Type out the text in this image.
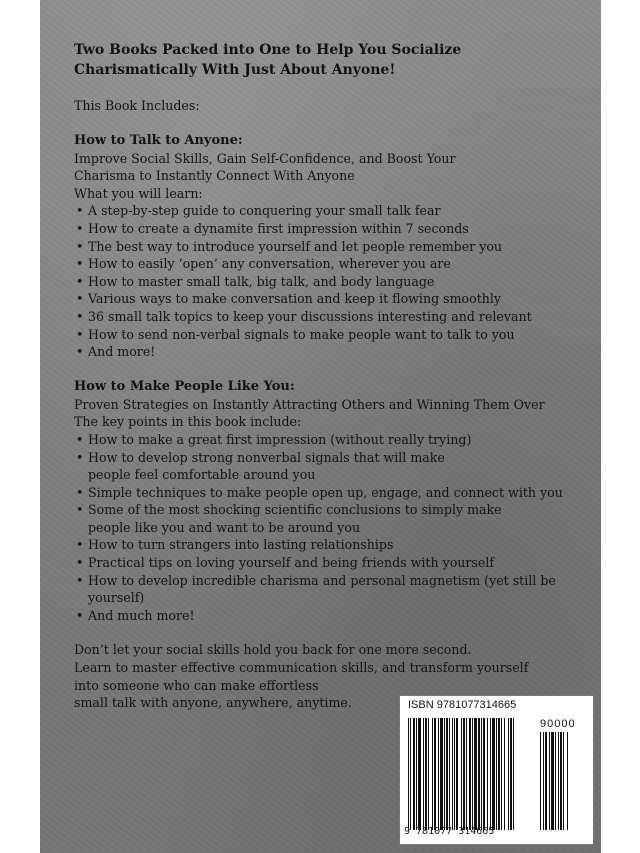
Two Books Packed into One to Help You Socialize Charismatically With Just About Anyone!

This Book Includes:

How to Talk to Anyone:

Improve Social Skills, Gain Self-Confidence, and Boost Your Charisma to Instantly Connect With Anyone

What you will learn:

• A step-by-step guide to conquering your small talk fear
• How to create a dynamite first impression within 7 seconds
• The best way to introduce yourself and let people remember you
• How to easily ‘open’ any conversation, wherever you are
• How to master small talk, big talk, and body language
• Various ways to make conversation and keep it flowing smoothly
• 36 small talk topics to keep your discussions interesting and relevant
• How to send non-verbal signals to make people want to talk to you
• And more!

How to Make People Like You:

Proven Strategies on Instantly Attracting Others and Winning Them Over

The key points in this book include:

• How to make a great first impression (without really trying)
• How to develop strong nonverbal signals that will make people feel comfortable around you
• Simple techniques to make people open up, engage, and connect with you
• Some of the most shocking scientific conclusions to simply make people like you and want to be around you
• How to turn strangers into lasting relationships
• Practical tips on loving yourself and being friends with yourself
• How to develop incredible charisma and personal magnetism (yet still be yourself)
• And much more!

Don’t let your social skills hold you back for one more second.

Learn to master effective communication skills, and transform yourself

into someone who can make effortless

small talk with anyone, anywhere, anytime.	ISBN 9781077314665
90000
9 781077 314665
